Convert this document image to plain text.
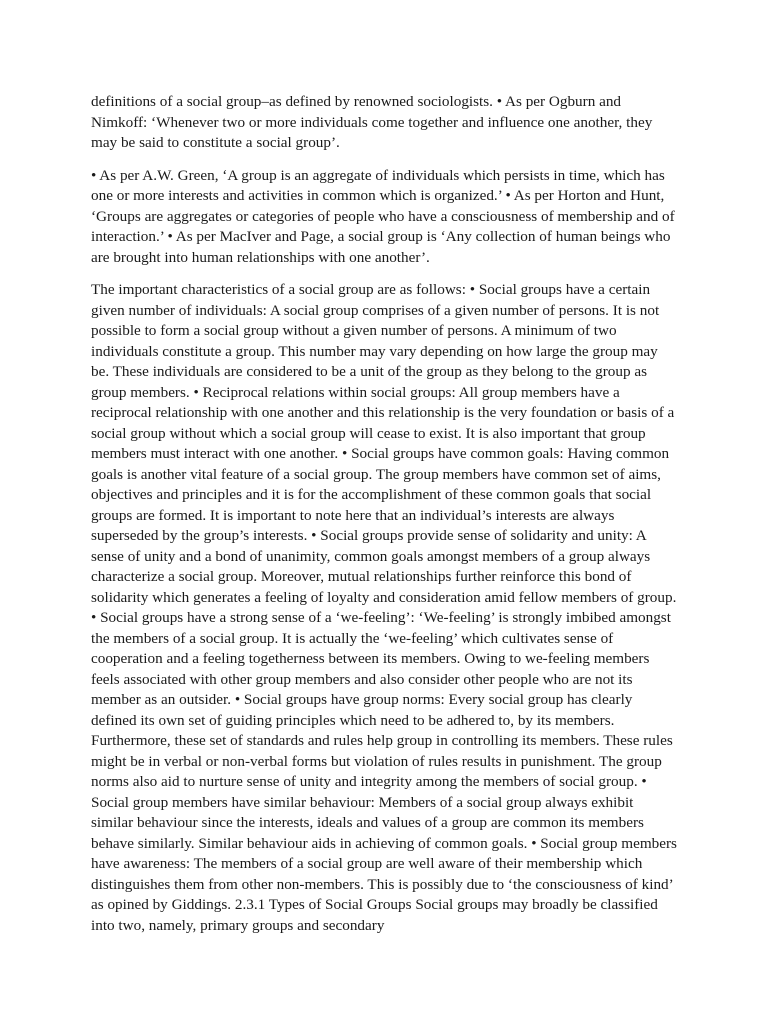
definitions of a social group–as defined by renowned sociologists. • As per Ogburn and Nimkoff: ‘Whenever two or more individuals come together and influence one another, they may be said to constitute a social group’.

• As per A.W. Green, ‘A group is an aggregate of individuals which persists in time, which has one or more interests and activities in common which is organized.’ • As per Horton and Hunt, ‘Groups are aggregates or categories of people who have a consciousness of membership and of interaction.’ • As per MacIver and Page, a social group is ‘Any collection of human beings who are brought into human relationships with one another’.

The important characteristics of a social group are as follows: • Social groups have a certain given number of individuals: A social group comprises of a given number of persons. It is not possible to form a social group without a given number of persons. A minimum of two individuals constitute a group. This number may vary depending on how large the group may be. These individuals are considered to be a unit of the group as they belong to the group as group members. • Reciprocal relations within social groups: All group members have a reciprocal relationship with one another and this relationship is the very foundation or basis of a social group without which a social group will cease to exist. It is also important that group members must interact with one another. • Social groups have common goals: Having common goals is another vital feature of a social group. The group members have common set of aims, objectives and principles and it is for the accomplishment of these common goals that social groups are formed. It is important to note here that an individual’s interests are always superseded by the group’s interests. • Social groups provide sense of solidarity and unity: A sense of unity and a bond of unanimity, common goals amongst members of a group always characterize a social group. Moreover, mutual relationships further reinforce this bond of solidarity which generates a feeling of loyalty and consideration amid fellow members of group. • Social groups have a strong sense of a ‘we-feeling’: ‘We-feeling’ is strongly imbibed amongst the members of a social group. It is actually the ‘we-feeling’ which cultivates sense of cooperation and a feeling togetherness between its members. Owing to we-feeling members feels associated with other group members and also consider other people who are not its member as an outsider. • Social groups have group norms: Every social group has clearly defined its own set of guiding principles which need to be adhered to, by its members. Furthermore, these set of standards and rules help group in controlling its members. These rules might be in verbal or non-verbal forms but violation of rules results in punishment. The group norms also aid to nurture sense of unity and integrity among the members of social group. • Social group members have similar behaviour: Members of a social group always exhibit similar behaviour since the interests, ideals and values of a group are common its members behave similarly. Similar behaviour aids in achieving of common goals. • Social group members have awareness: The members of a social group are well aware of their membership which distinguishes them from other non-members. This is possibly due to ‘the consciousness of kind’ as opined by Giddings. 2.3.1 Types of Social Groups Social groups may broadly be classified into two, namely, primary groups and secondary
